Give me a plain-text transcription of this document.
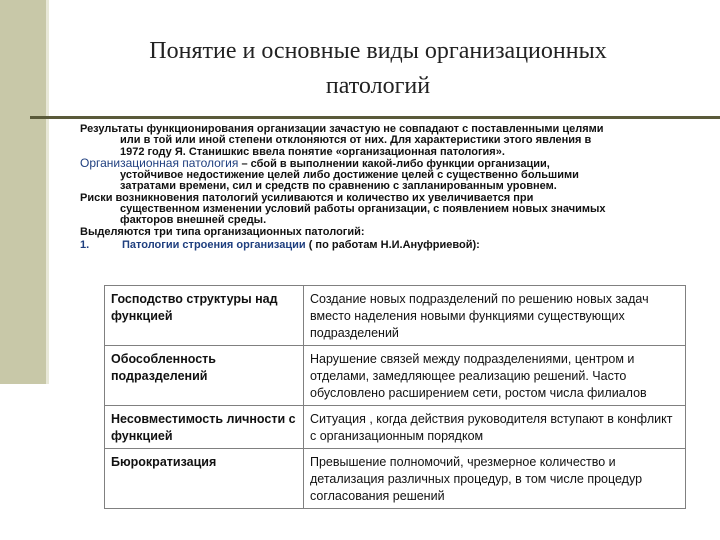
Понятие и основные виды организационных
патологий

Результаты функционирования организации зачастую не совпадают с поставленными целями
или в той или иной степени отклоняются от них. Для характеристики этого явления в
1972 году Я. Станишкис ввела понятие «организационная патология».

Организационная патология – сбой в выполнении какой-либо функции организации,
устойчивое недостижение целей либо достижение целей с существенно большими
затратами времени, сил и средств по сравнению с запланированным уровнем.

Риски возникновения патологий усиливаются и количество их увеличивается при
существенном изменении условий работы организации, с появлением новых значимых
факторов внешней среды.

Выделяются три типа организационных патологий:

1.	Патологии строения организации ( по работам Н.И.Ануфриевой):

Господство структуры над функцией	Создание новых подразделений по решению новых задач вместо наделения новыми функциями существующих подразделений
Обособленность подразделений	Нарушение связей между подразделениями, центром и отделами, замедляющее реализацию решений. Часто обусловлено расширением сети, ростом числа филиалов
Несовместимость личности с функцией	Ситуация , когда действия руководителя вступают в конфликт с организационным порядком
Бюрократизация	Превышение полномочий, чрезмерное количество и детализация различных процедур, в том числе процедур согласования решений
